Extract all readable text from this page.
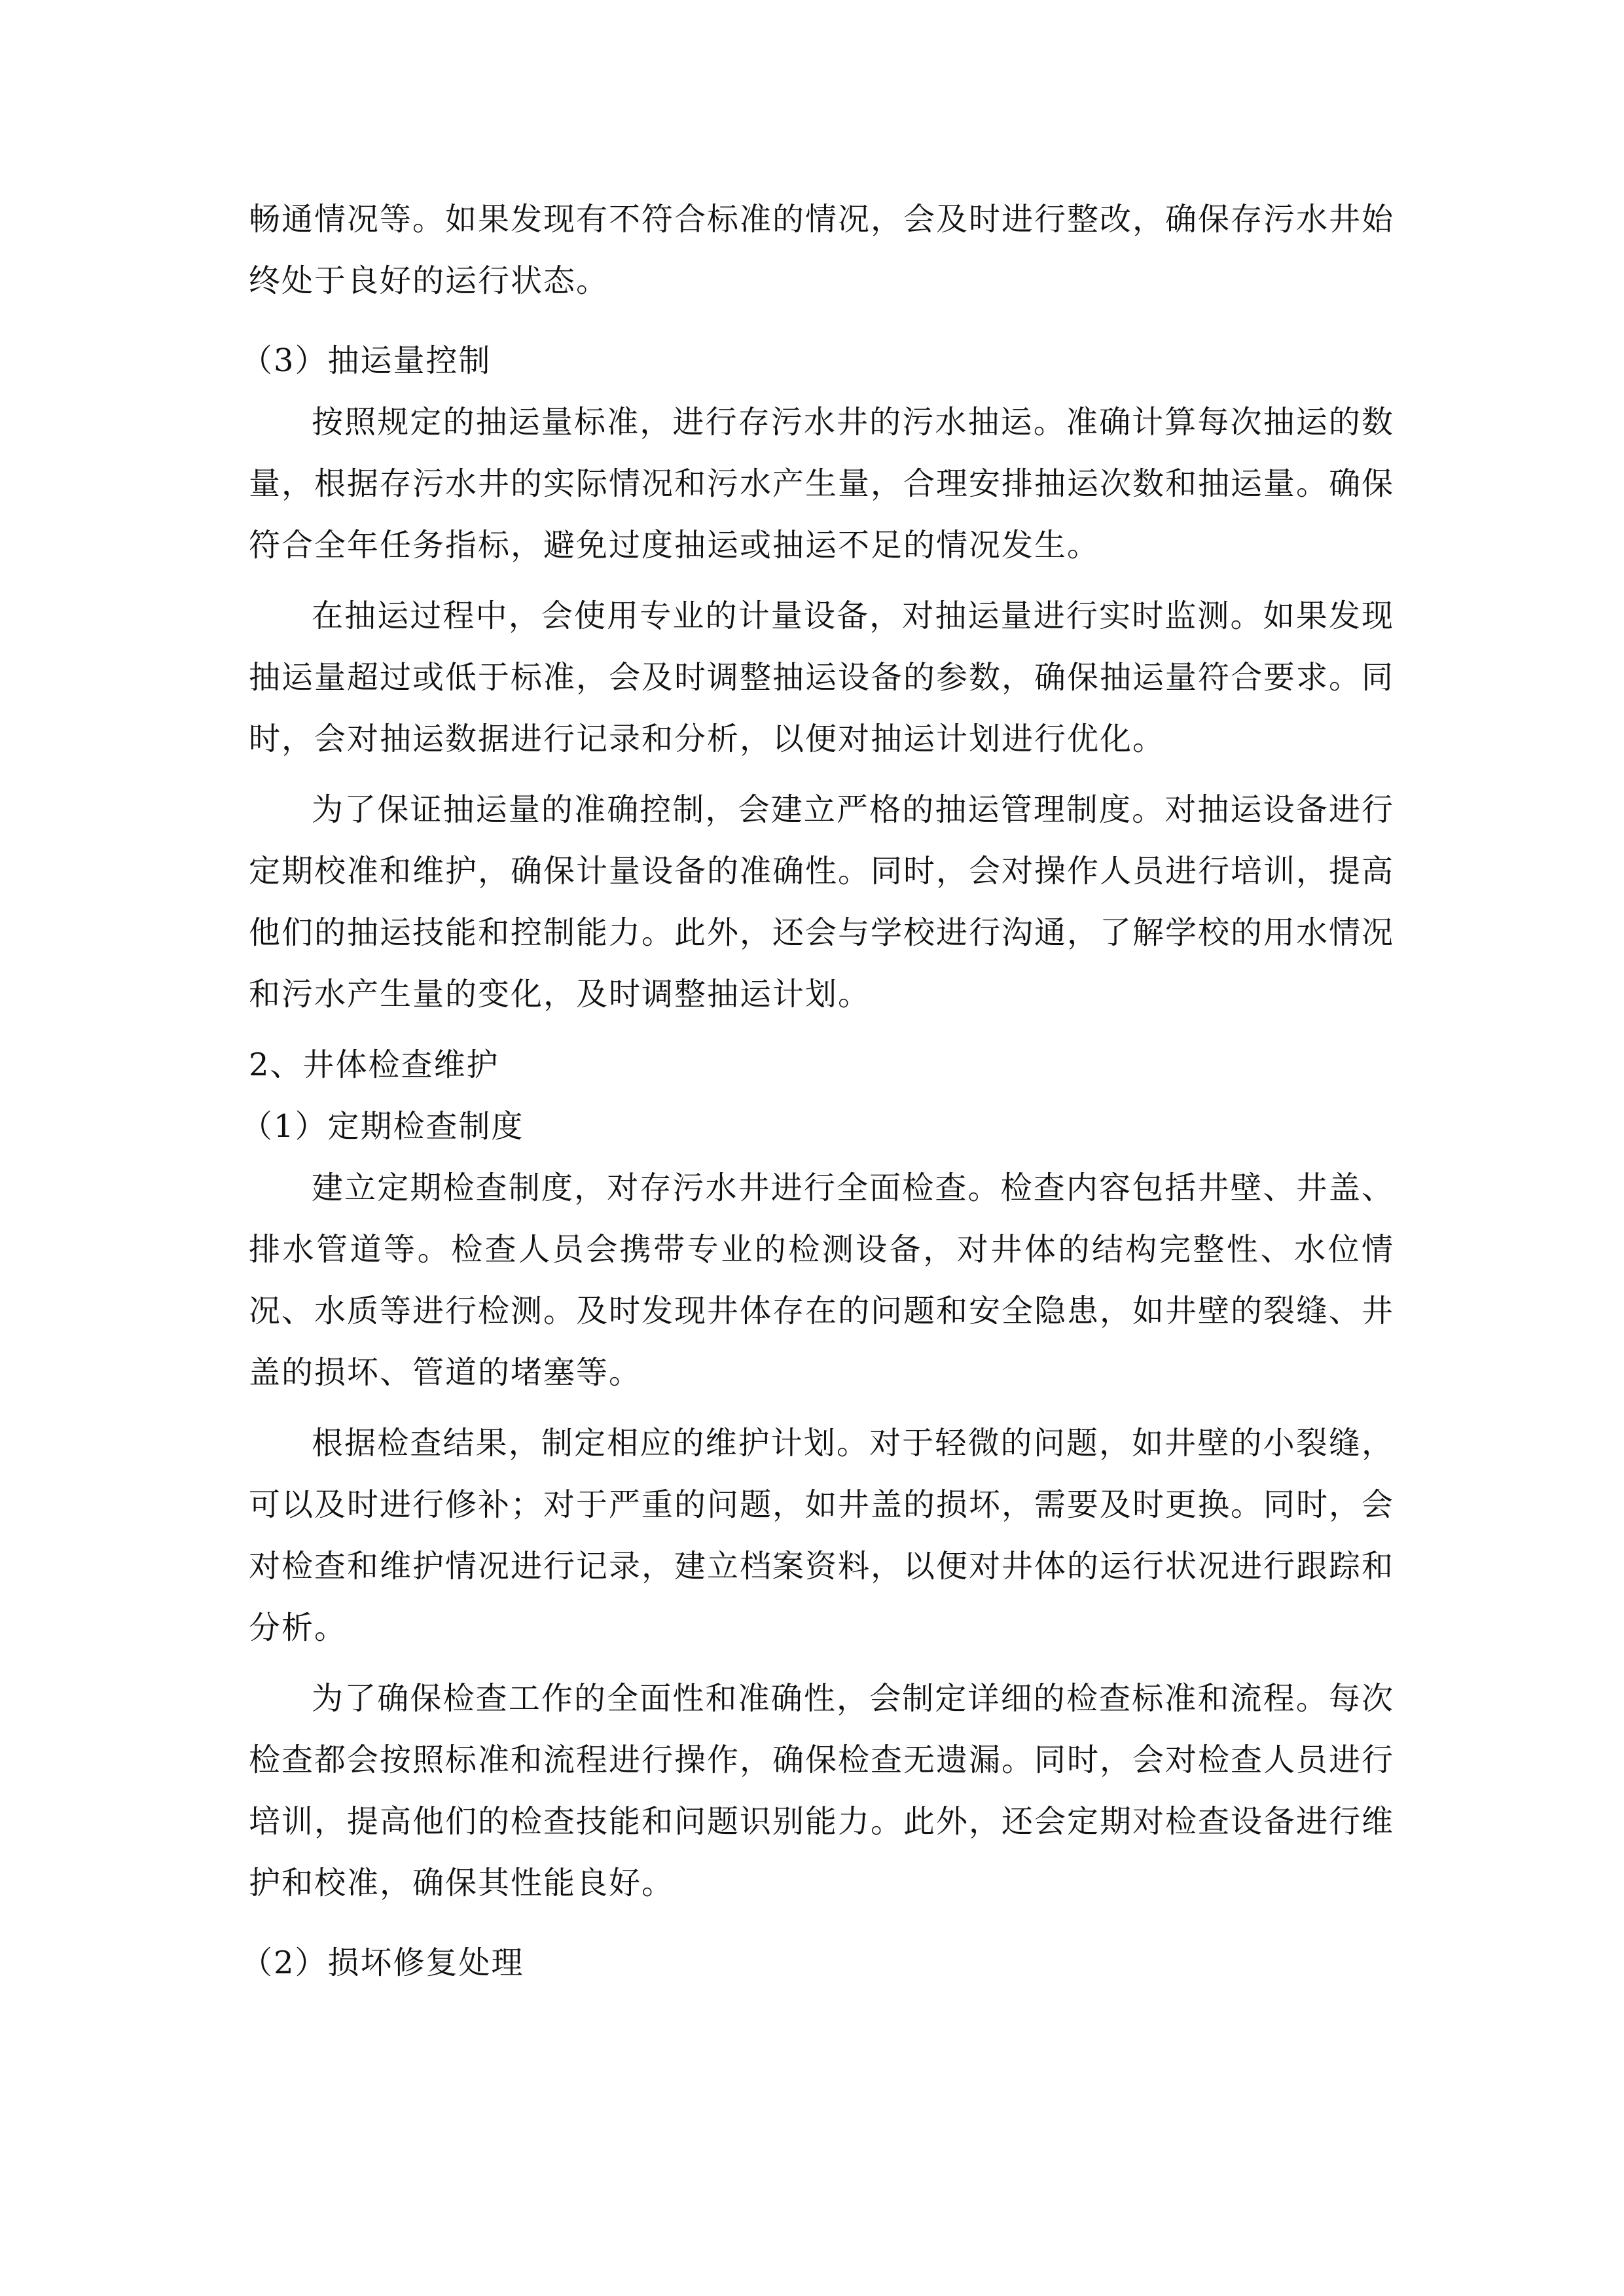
畅通情况等。如果发现有不符合标准的情况，会及时进行整改，确保存污水井始终处于良好的运行状态。

（3）抽运量控制

按照规定的抽运量标准，进行存污水井的污水抽运。准确计算每次抽运的数量，根据存污水井的实际情况和污水产生量，合理安排抽运次数和抽运量。确保符合全年任务指标，避免过度抽运或抽运不足的情况发生。

在抽运过程中，会使用专业的计量设备，对抽运量进行实时监测。如果发现抽运量超过或低于标准，会及时调整抽运设备的参数，确保抽运量符合要求。同时，会对抽运数据进行记录和分析，以便对抽运计划进行优化。

为了保证抽运量的准确控制，会建立严格的抽运管理制度。对抽运设备进行定期校准和维护，确保计量设备的准确性。同时，会对操作人员进行培训，提高他们的抽运技能和控制能力。此外，还会与学校进行沟通，了解学校的用水情况和污水产生量的变化，及时调整抽运计划。

2、井体检查维护
（1）定期检查制度

建立定期检查制度，对存污水井进行全面检查。检查内容包括井壁、井盖、排水管道等。检查人员会携带专业的检测设备，对井体的结构完整性、水位情况、水质等进行检测。及时发现井体存在的问题和安全隐患，如井壁的裂缝、井盖的损坏、管道的堵塞等。

根据检查结果，制定相应的维护计划。对于轻微的问题，如井壁的小裂缝，可以及时进行修补；对于严重的问题，如井盖的损坏，需要及时更换。同时，会对检查和维护情况进行记录，建立档案资料，以便对井体的运行状况进行跟踪和分析。

为了确保检查工作的全面性和准确性，会制定详细的检查标准和流程。每次检查都会按照标准和流程进行操作，确保检查无遗漏。同时，会对检查人员进行培训，提高他们的检查技能和问题识别能力。此外，还会定期对检查设备进行维护和校准，确保其性能良好。

（2）损坏修复处理
